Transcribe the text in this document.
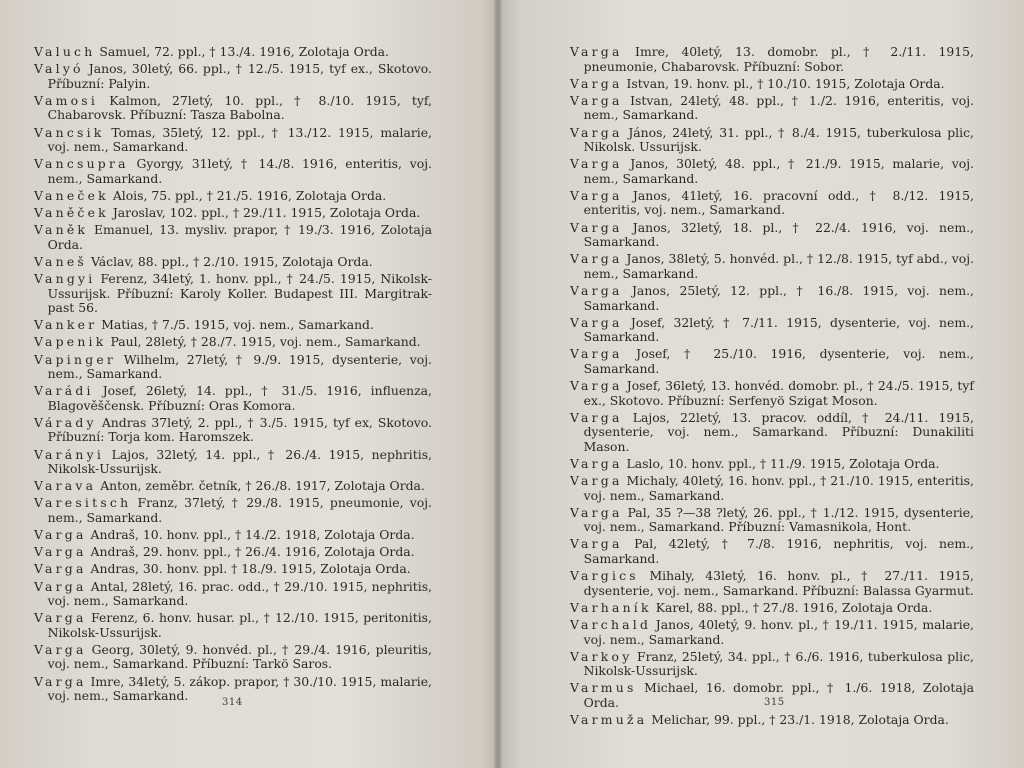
Valuch Samuel, 72. ppl., † 13./4. 1916, Zolotaja Orda.
Valyó Janos, 30letý, 66. ppl., † 12./5. 1915, tyf ex., Skotovo. Příbuzní: Palyin.
Vamosi Kalmon, 27letý, 10. ppl., † 8./10. 1915, tyf, Chabarovsk. Příbuzní: Tasza Babolna.
Vancsik Tomas, 35letý, 12. ppl., † 13./12. 1915, malarie, voj. nem., Samarkand.
Vancsupra Gyorgy, 31letý, † 14./8. 1916, enteritis, voj. nem., Samarkand.
Vaneček Alois, 75. ppl., † 21./5. 1916, Zolotaja Orda.
Vaněček Jaroslav, 102. ppl., † 29./11. 1915, Zolotaja Orda.
Vaněk Emanuel, 13. mysliv. prapor, † 19./3. 1916, Zolotaja Orda.
Vaneš Václav, 88. ppl., † 2./10. 1915, Zolotaja Orda.
Vangyi Ferenz, 34letý, 1. honv. ppl., † 24./5. 1915, Nikolsk-Ussurijsk. Příbuzní: Karoly Koller. Budapest III. Margitrak-past 56.
Vanker Matias, † 7./5. 1915, voj. nem., Samarkand.
Vapenik Paul, 28letý, † 28./7. 1915, voj. nem., Samarkand.
Vapinger Wilhelm, 27letý, † 9./9. 1915, dysenterie, voj. nem., Samarkand.
Varádi Josef, 26letý, 14. ppl., † 31./5. 1916, influenza, Blagověščensk. Příbuzní: Oras Komora.
Várady Andras 37letý, 2. ppl., † 3./5. 1915, tyf ex, Skotovo. Příbuzní: Torja kom. Haromszek.
Varányi Lajos, 32letý, 14. ppl., † 26./4. 1915, nephritis, Nikolsk-Ussurijsk.
Varava Anton, zeměbr. četník, † 26./8. 1917, Zolotaja Orda.
Varesitsch Franz, 37letý, † 29./8. 1915, pneumonie, voj. nem., Samarkand.
Varga Andraš, 10. honv. ppl., † 14./2. 1918, Zolotaja Orda.
Varga Andraš, 29. honv. ppl., † 26./4. 1916, Zolotaja Orda.
Varga Andras, 30. honv. ppl. † 18./9. 1915, Zolotaja Orda.
Varga Antal, 28letý, 16. prac. odd., † 29./10. 1915, nephritis, voj. nem., Samarkand.
Varga Ferenz, 6. honv. husar. pl., † 12./10. 1915, peritonitis, Nikolsk-Ussurijsk.
Varga Georg, 30letý, 9. honvéd. pl., † 29./4. 1916, pleuritis, voj. nem., Samarkand. Příbuzní: Tarkö Saros.
Varga Imre, 34letý, 5. zákop. prapor, † 30./10. 1915, malarie, voj. nem., Samarkand.	314
Varga Imre, 40letý, 13. domobr. pl., † 2./11. 1915, pneumonie, Chabarovsk. Příbuzní: Sobor.
Varga Istvan, 19. honv. pl., † 10./10. 1915, Zolotaja Orda.
Varga Istvan, 24letý, 48. ppl., † 1./2. 1916, enteritis, voj. nem., Samarkand.
Varga János, 24letý, 31. ppl., † 8./4. 1915, tuberkulosa plic, Nikolsk. Ussurijsk.
Varga Janos, 30letý, 48. ppl., † 21./9. 1915, malarie, voj. nem., Samarkand.
Varga Janos, 41letý, 16. pracovní odd., † 8./12. 1915, enteritis, voj. nem., Samarkand.
Varga Janos, 32letý, 18. pl., † 22./4. 1916, voj. nem., Samarkand.
Varga Janos, 38letý, 5. honvéd. pl., † 12./8. 1915, tyf abd., voj. nem., Samarkand.
Varga Janos, 25letý, 12. ppl., † 16./8. 1915, voj. nem., Samarkand.
Varga Josef, 32letý, † 7./11. 1915, dysenterie, voj. nem., Samarkand.
Varga Josef, † 25./10. 1916, dysenterie, voj. nem., Samarkand.
Varga Josef, 36letý, 13. honvéd. domobr. pl., † 24./5. 1915, tyf ex., Skotovo. Příbuzní: Serfenyö Szigat Moson.
Varga Lajos, 22letý, 13. pracov. oddíl, † 24./11. 1915, dysenterie, voj. nem., Samarkand. Příbuzní: Dunakiliti Mason.
Varga Laslo, 10. honv. ppl., † 11./9. 1915, Zolotaja Orda.
Varga Michaly, 40letý, 16. honv. ppl., † 21./10. 1915, enteritis, voj. nem., Samarkand.
Varga Pal, 35 ?—38 ?letý, 26. ppl., † 1./12. 1915, dysenterie, voj. nem., Samarkand. Příbuzní: Vamasnikola, Hont.
Varga Pal, 42letý, † 7./8. 1916, nephritis, voj. nem., Samarkand.
Vargics Mihaly, 43letý, 16. honv. pl., † 27./11. 1915, dysenterie, voj. nem., Samarkand. Příbuzní: Balassa Gyarmut.
Varhaník Karel, 88. ppl., † 27./8. 1916, Zolotaja Orda.
Varchald Janos, 40letý, 9. honv. pl., † 19./11. 1915, malarie, voj. nem., Samarkand.
Varkoy Franz, 25letý, 34. ppl., † 6./6. 1916, tuberkulosa plic, Nikolsk-Ussurijsk.
Varmus Michael, 16. domobr. ppl., † 1./6. 1918, Zolotaja Orda.
Varmuža Melichar, 99. ppl., † 23./1. 1918, Zolotaja Orda.
315
